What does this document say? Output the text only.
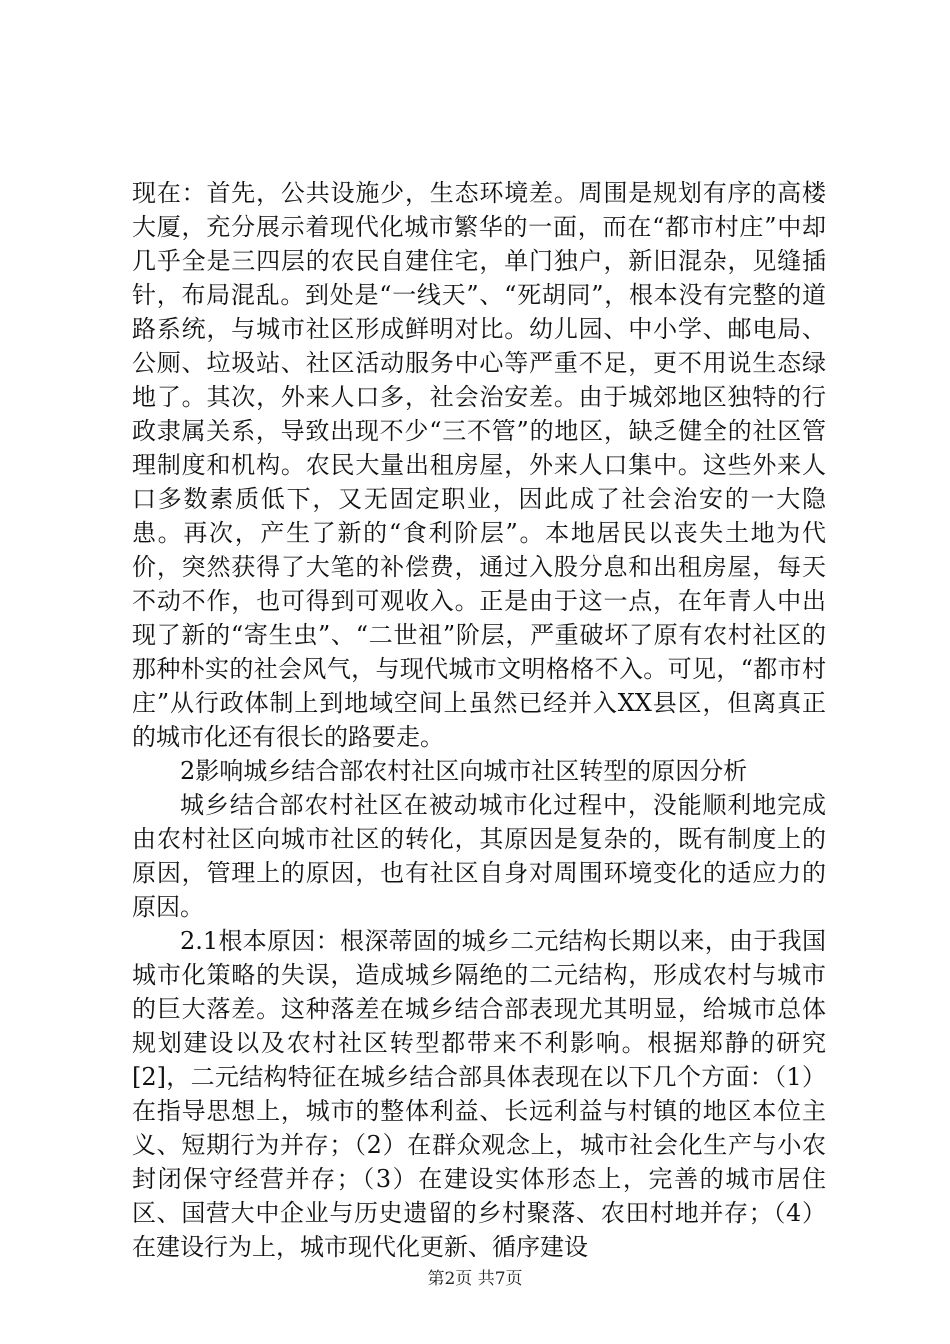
现在：首先，公共设施少，生态环境差。周围是规划有序的高楼大厦，充分展示着现代化城市繁华的一面，而在“都市村庄”中却几乎全是三四层的农民自建住宅，单门独户，新旧混杂，见缝插针，布局混乱。到处是“一线天”、“死胡同”，根本没有完整的道路系统，与城市社区形成鲜明对比。幼儿园、中小学、邮电局、公厕、垃圾站、社区活动服务中心等严重不足，更不用说生态绿地了。其次，外来人口多，社会治安差。由于城郊地区独特的行政隶属关系，导致出现不少“三不管”的地区，缺乏健全的社区管理制度和机构。农民大量出租房屋，外来人口集中。这些外来人口多数素质低下，又无固定职业，因此成了社会治安的一大隐患。再次，产生了新的“食利阶层”。本地居民以丧失土地为代价，突然获得了大笔的补偿费，通过入股分息和出租房屋，每天不动不作，也可得到可观收入。正是由于这一点，在年青人中出现了新的“寄生虫”、“二世祖”阶层，严重破坏了原有农村社区的那种朴实的社会风气，与现代城市文明格格不入。可见，“都市村庄”从行政体制上到地域空间上虽然已经并入XX县区，但离真正的城市化还有很长的路要走。

2影响城乡结合部农村社区向城市社区转型的原因分析

城乡结合部农村社区在被动城市化过程中，没能顺利地完成由农村社区向城市社区的转化，其原因是复杂的，既有制度上的原因，管理上的原因，也有社区自身对周围环境变化的适应力的原因。

2.1根本原因：根深蒂固的城乡二元结构长期以来，由于我国城市化策略的失误，造成城乡隔绝的二元结构，形成农村与城市的巨大落差。这种落差在城乡结合部表现尤其明显，给城市总体规划建设以及农村社区转型都带来不利影响。根据郑静的研究[2]，二元结构特征在城乡结合部具体表现在以下几个方面：（1）在指导思想上，城市的整体利益、长远利益与村镇的地区本位主义、短期行为并存；（2）在群众观念上，城市社会化生产与小农封闭保守经营并存；（3）在建设实体形态上，完善的城市居住区、国营大中企业与历史遗留的乡村聚落、农田村地并存；（4）在建设行为上，城市现代化更新、循序建设

第2页 共7页
